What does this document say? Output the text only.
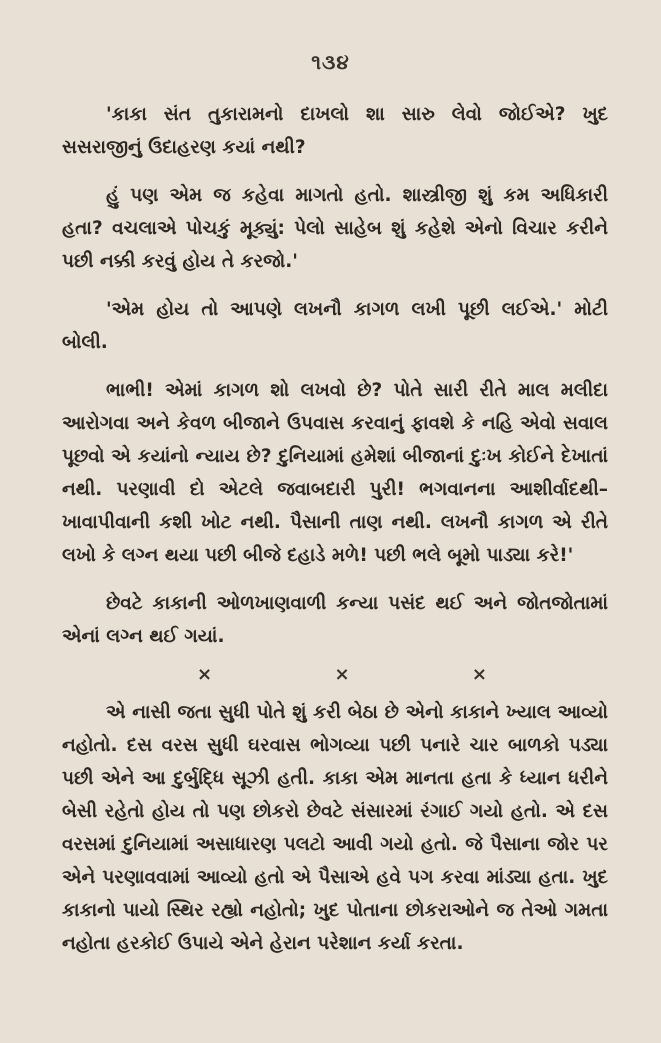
૧૩૪

'કાકા સંત તુકારામનો દાખલો શા સારુ લેવો જોઈએ? ખુદ સસરાજીનું ઉદાહરણ કયાં નથી?

હું પણ એમ જ કહેવા માગતો હતો. શાસ્ત્રીજી શું કમ અધિકારી હતા? વચલાએ પોચકું મૂક્યું: પેલો સાહેબ શું કહેશે એનો વિચાર કરીને પછી નક્કી કરવું હોય તે કરજો.'

'એમ હોય તો આપણે લખનૌ કાગળ લખી પૂછી લઈએ.' મોટી બોલી.

ભાભી! એમાં કાગળ શો લખવો છે? પોતે સારી રીતે માલ મલીદા આરોગવા અને કેવળ બીજાને ઉપવાસ કરવાનું ફાવશે કે નહિ એવો સવાલ પૂછવો એ કયાંનો ન્યાય છે? દુનિયામાં હમેશાં બીજાનાં દુઃખ કોઈને દેખાતાં નથી. પરણાવી દો એટલે જવાબદારી પુરી! ભગવાનના આશીર્વાદથી–ખાવાપીવાની કશી ખોટ નથી. પૈસાની તાણ નથી. લખનૌ કાગળ એ રીતે લખો કે લગ્ન થયા પછી બીજે દહાડે મળે! પછી ભલે બૂમો પાડ્યા કરે!'

છેવટે કાકાની ઓળખાણવાળી કન્યા પસંદ થઈ અને જોતજોતામાં એનાં લગ્ન થઈ ગયાં.

×	×	×

એ નાસી જતા સુધી પોતે શું કરી બેઠા છે એનો કાકાને ખ્યાલ આવ્યો નહોતો. દસ વરસ સુધી ઘરવાસ ભોગવ્યા પછી પનારે ચાર બાળકો પડ્યા પછી એને આ દુર્બુદ્ધિ સૂઝી હતી. કાકા એમ માનતા હતા કે ધ્યાન ધરીને બેસી રહેતો હોય તો પણ છોકરો છેવટે સંસારમાં રંગાઈ ગયો હતો. એ દસ વરસમાં દુનિયામાં અસાધારણ પલટો આવી ગયો હતો. જે પૈસાના જોર પર એને પરણાવવામાં આવ્યો હતો એ પૈસાએ હવે પગ કરવા માંડ્યા હતા. ખુદ કાકાનો પાયો સ્થિર રહ્યો નહોતો; ખુદ પોતાના છોકરાઓને જ તેઓ ગમતા નહોતા હરકોઈ ઉપાયે એને હેરાન પરેશાન કર્યા કરતા.
